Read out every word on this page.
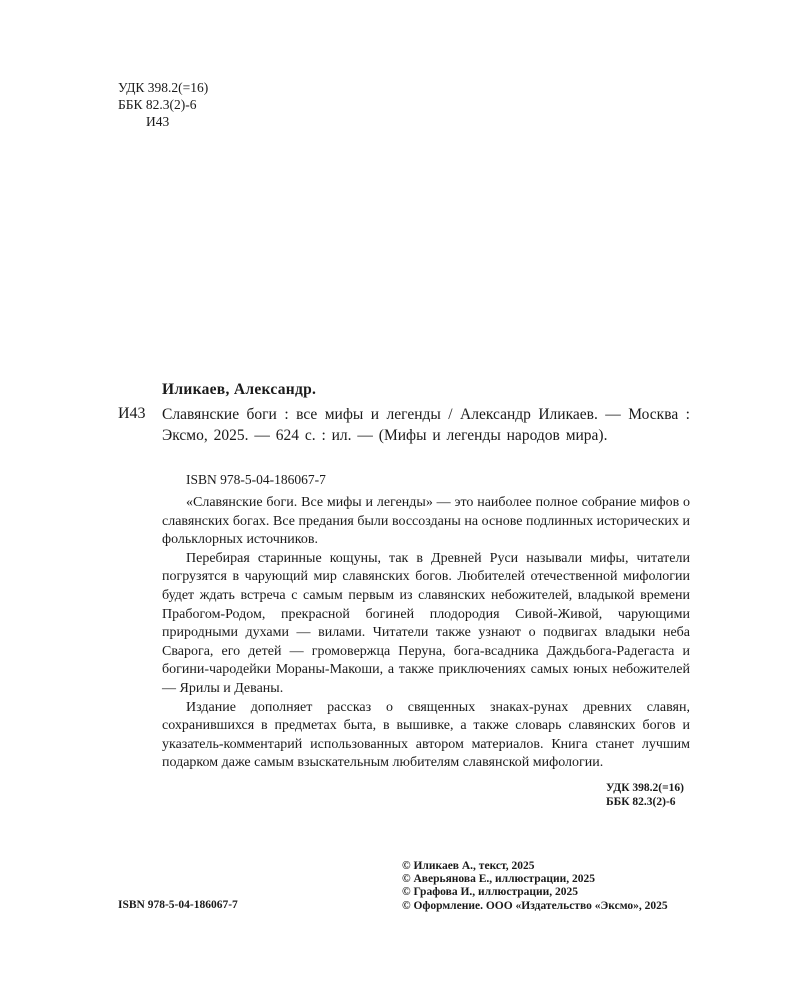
УДК 398.2(=16)
ББК 82.3(2)-6
И43
Иликаев, Александр.
И43 Славянские боги : все мифы и легенды / Александр Иликаев. — Москва : Эксмо, 2025. — 624 с. : ил. — (Мифы и легенды народов мира).
ISBN 978-5-04-186067-7

«Славянские боги. Все мифы и легенды» — это наиболее полное собрание мифов о славянских богах. Все предания были воссозданы на основе подлинных исторических и фольклорных источников.

Перебирая старинные кощуны, так в Древней Руси называли мифы, читатели погрузятся в чарующий мир славянских богов. Любителей отечественной мифологии будет ждать встреча с самым первым из славянских небожителей, владыкой времени Прабогом-Родом, прекрасной богиней плодородия Сивой-Живой, чарующими природными духами — вилами. Читатели также узнают о подвигах владыки неба Сварога, его детей — громовержца Перуна, бога-всадника Даждьбога-Радегаста и богини-чародейки Мораны-Макоши, а также приключениях самых юных небожителей — Ярилы и Деваны.

Издание дополняет рассказ о священных знаках-рунах древних славян, сохранившихся в предметах быта, в вышивке, а также словарь славянских богов и указатель-комментарий использованных автором материалов. Книга станет лучшим подарком даже самым взыскательным любителям славянской мифологии.

УДК 398.2(=16)
ББК 82.3(2)-6
© Иликаев А., текст, 2025
© Аверьянова Е., иллюстрации, 2025
© Графова И., иллюстрации, 2025
© Оформление. ООО «Издательство «Эксмо», 2025
ISBN 978-5-04-186067-7
